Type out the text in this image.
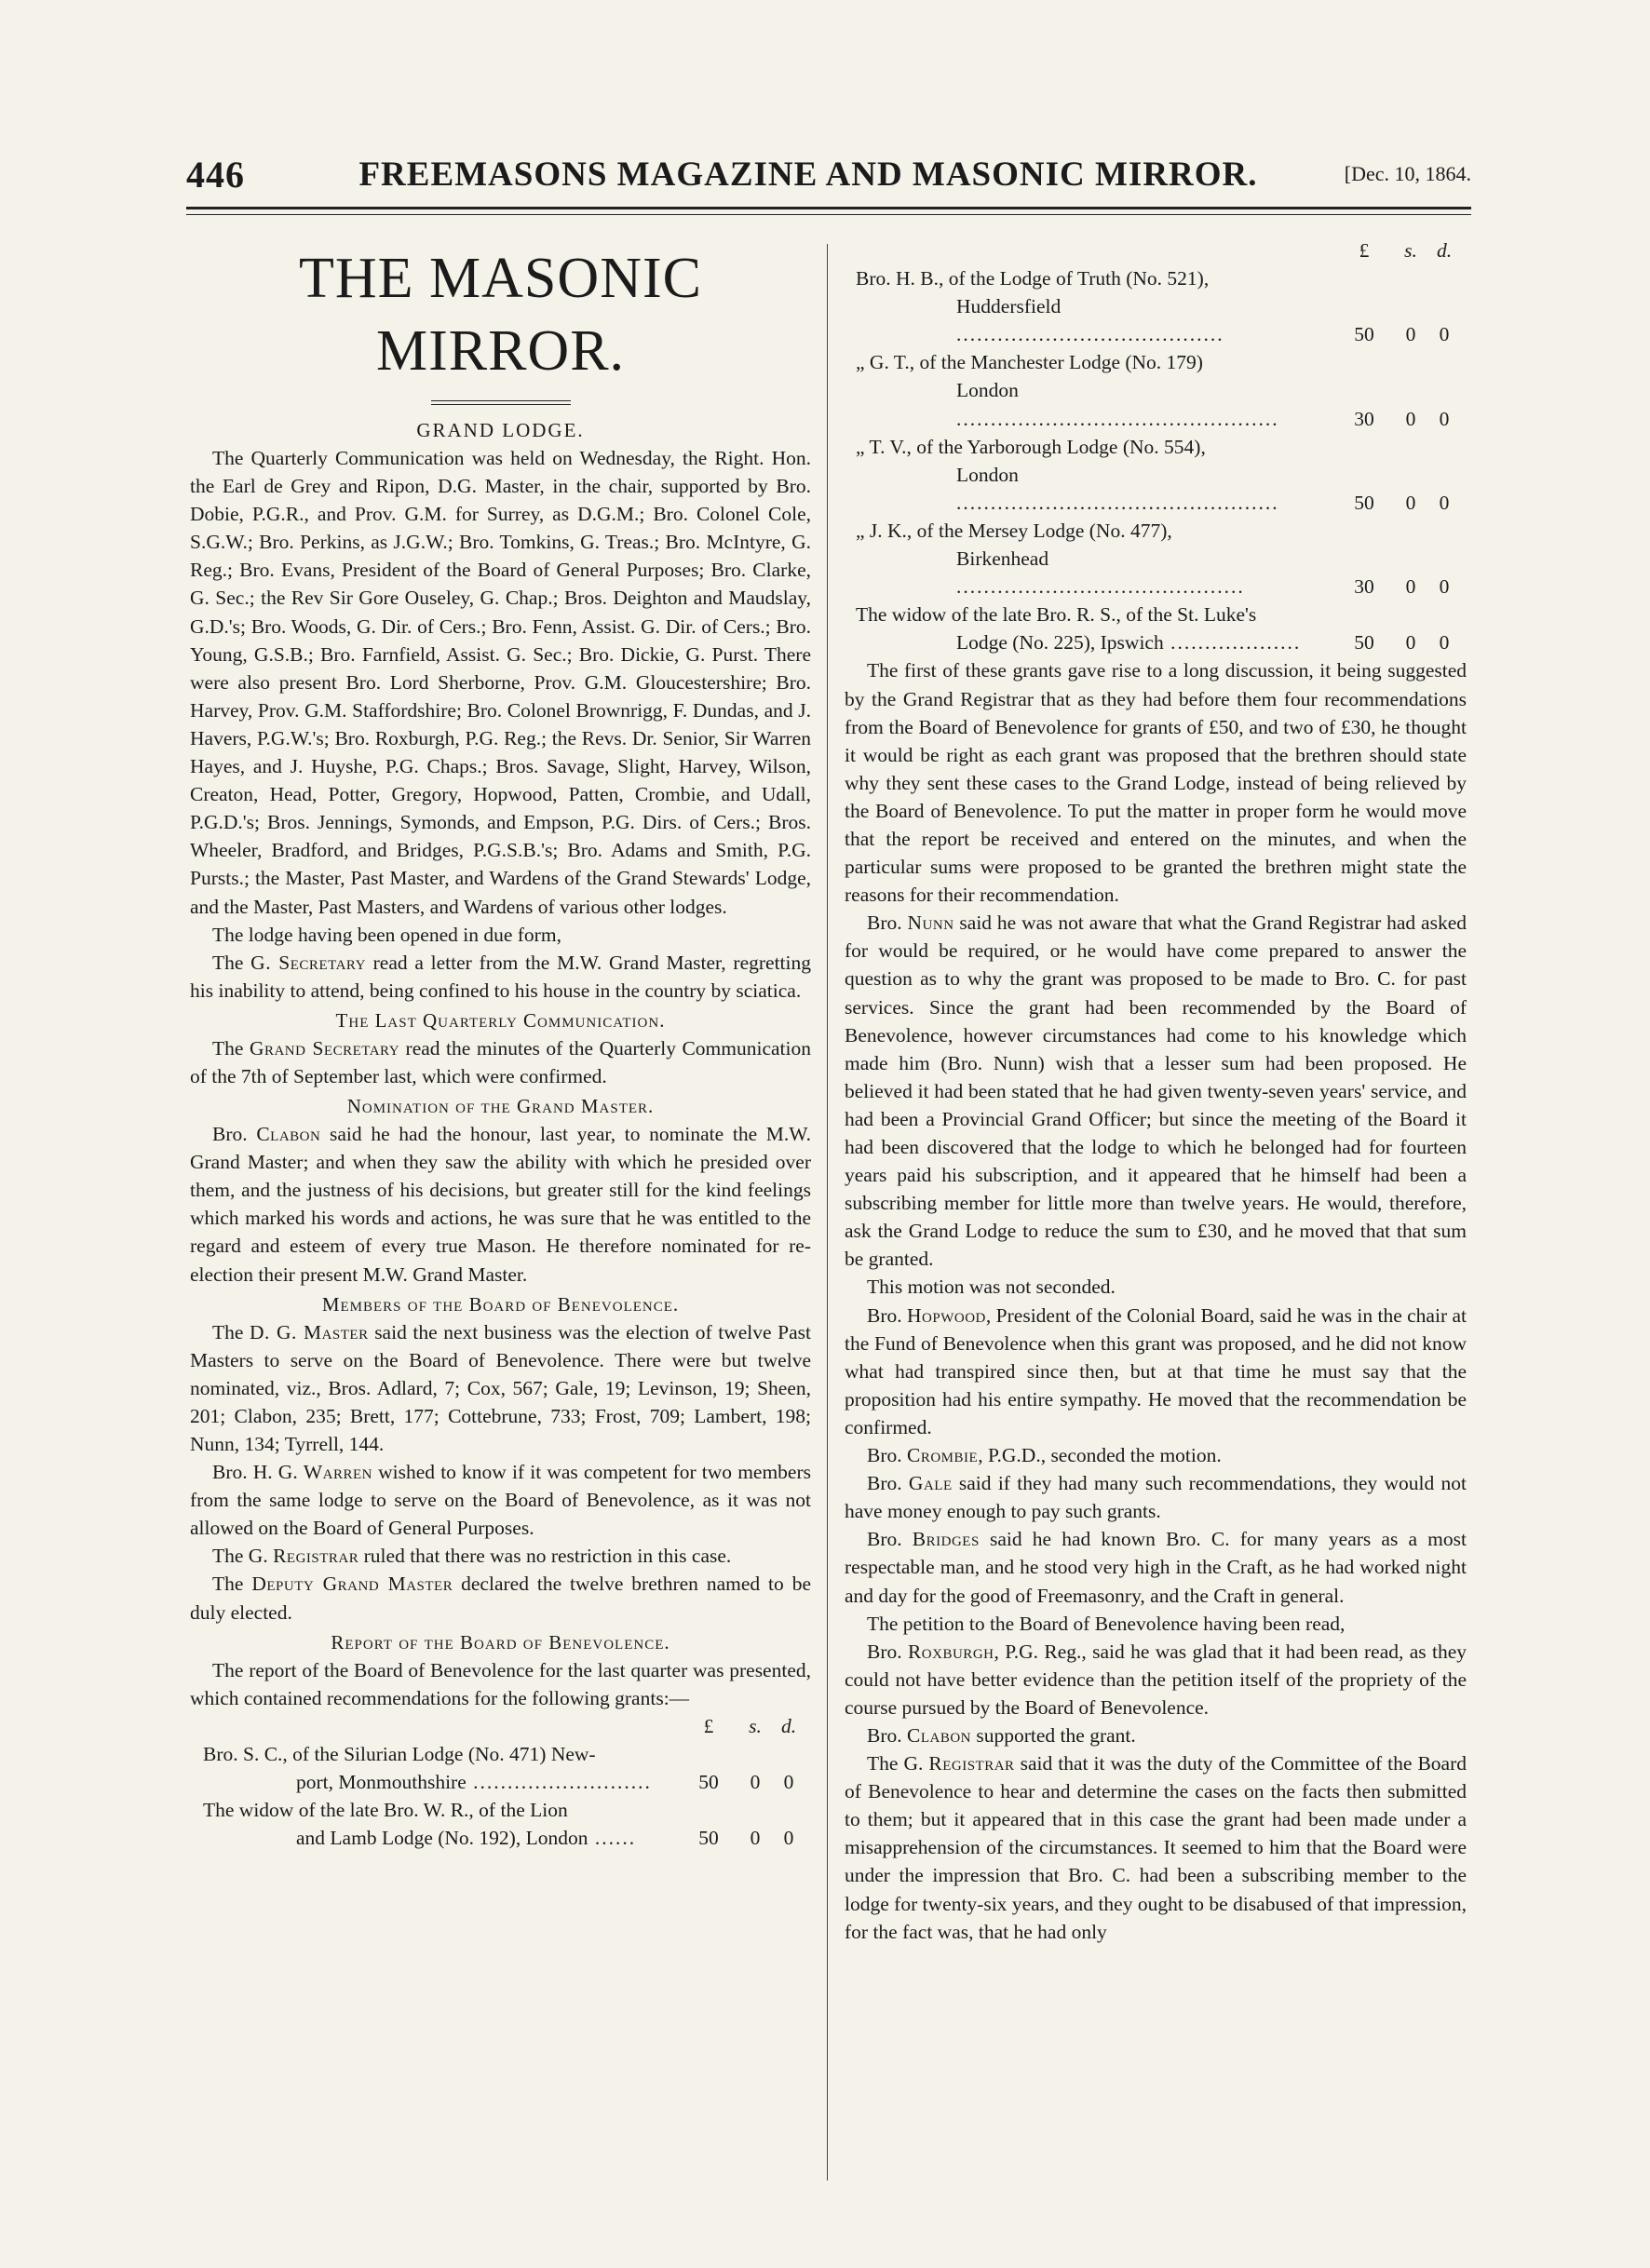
446	FREEMASONS MAGAZINE AND MASONIC MIRROR.	[Dec. 10, 1864.
THE MASONIC MIRROR.
GRAND LODGE.

The Quarterly Communication was held on Wednesday, the Right. Hon. the Earl de Grey and Ripon, D.G. Master, in the chair, supported by Bro. Dobie, P.G.R., and Prov. G.M. for Surrey, as D.G.M.; Bro. Colonel Cole, S.G.W.; Bro. Perkins, as J.G.W.; Bro. Tomkins, G. Treas.; Bro. McIntyre, G. Reg.; Bro. Evans, President of the Board of General Purposes; Bro. Clarke, G. Sec.; the Rev Sir Gore Ouseley, G. Chap.; Bros. Deighton and Maudslay, G.D.'s; Bro. Woods, G. Dir. of Cers.; Bro. Fenn, Assist. G. Dir. of Cers.; Bro. Young, G.S.B.; Bro. Farnfield, Assist. G. Sec.; Bro. Dickie, G. Purst. There were also present Bro. Lord Sherborne, Prov. G.M. Gloucestershire; Bro. Harvey, Prov. G.M. Staffordshire; Bro. Colonel Brownrigg, F. Dundas, and J. Havers, P.G.W.'s; Bro. Roxburgh, P.G. Reg.; the Revs. Dr. Senior, Sir Warren Hayes, and J. Huyshe, P.G. Chaps.; Bros. Savage, Slight, Harvey, Wilson, Creaton, Head, Potter, Gregory, Hopwood, Patten, Crombie, and Udall, P.G.D.'s; Bros. Jennings, Symonds, and Empson, P.G. Dirs. of Cers.; Bros. Wheeler, Bradford, and Bridges, P.G.S.B.'s; Bro. Adams and Smith, P.G. Pursts.; the Master, Past Master, and Wardens of the Grand Stewards' Lodge, and the Master, Past Masters, and Wardens of various other lodges.

The lodge having been opened in due form,

The G. Secretary read a letter from the M.W. Grand Master, regretting his inability to attend, being confined to his house in the country by sciatica.

The Last Quarterly Communication.

The Grand Secretary read the minutes of the Quarterly Communication of the 7th of September last, which were confirmed.

Nomination of the Grand Master.

Bro. Clabon said he had the honour, last year, to nominate the M.W. Grand Master; and when they saw the ability with which he presided over them, and the justness of his decisions, but greater still for the kind feelings which marked his words and actions, he was sure that he was entitled to the regard and esteem of every true Mason. He therefore nominated for re-election their present M.W. Grand Master.

Members of the Board of Benevolence.

The D. G. Master said the next business was the election of twelve Past Masters to serve on the Board of Benevolence. There were but twelve nominated, viz., Bros. Adlard, 7; Cox, 567; Gale, 19; Levinson, 19; Sheen, 201; Clabon, 235; Brett, 177; Cottebrune, 733; Frost, 709; Lambert, 198; Nunn, 134; Tyrrell, 144.

Bro. H. G. Warren wished to know if it was competent for two members from the same lodge to serve on the Board of Benevolence, as it was not allowed on the Board of General Purposes.

The G. Registrar ruled that there was no restriction in this case.

The Deputy Grand Master declared the twelve brethren named to be duly elected.

Report of the Board of Benevolence.

The report of the Board of Benevolence for the last quarter was presented, which contained recommendations for the following grants:—

£	s. d.
Bro. S. C., of the Silurian Lodge (No. 471) New-
port, Monmouthshire ..........................	50	0	0
The widow of the late Bro. W. R., of the Lion
and Lamb Lodge (No. 192), London ......	50	0	0
£	s. d.
Bro. H. B., of the Lodge of Truth (No. 521),
Huddersfield .......................................	50	0	0
„ G. T., of the Manchester Lodge (No. 179)
London ...............................................	30	0	0
„ T. V., of the Yarborough Lodge (No. 554),
London ...............................................	50	0	0
„ J. K., of the Mersey Lodge (No. 477),
Birkenhead ..........................................	30	0	0
The widow of the late Bro. R. S., of the St. Luke's
Lodge (No. 225), Ipswich ...................	50	0	0

The first of these grants gave rise to a long discussion, it being suggested by the Grand Registrar that as they had before them four recommendations from the Board of Benevolence for grants of £50, and two of £30, he thought it would be right as each grant was proposed that the brethren should state why they sent these cases to the Grand Lodge, instead of being relieved by the Board of Benevolence. To put the matter in proper form he would move that the report be received and entered on the minutes, and when the particular sums were proposed to be granted the brethren might state the reasons for their recommendation.

Bro. Nunn said he was not aware that what the Grand Registrar had asked for would be required, or he would have come prepared to answer the question as to why the grant was proposed to be made to Bro. C. for past services. Since the grant had been recommended by the Board of Benevolence, however circumstances had come to his knowledge which made him (Bro. Nunn) wish that a lesser sum had been proposed. He believed it had been stated that he had given twenty-seven years' service, and had been a Provincial Grand Officer; but since the meeting of the Board it had been discovered that the lodge to which he belonged had for fourteen years paid his subscription, and it appeared that he himself had been a subscribing member for little more than twelve years. He would, therefore, ask the Grand Lodge to reduce the sum to £30, and he moved that that sum be granted.

This motion was not seconded.

Bro. Hopwood, President of the Colonial Board, said he was in the chair at the Fund of Benevolence when this grant was proposed, and he did not know what had transpired since then, but at that time he must say that the proposition had his entire sympathy. He moved that the recommendation be confirmed.

Bro. Crombie, P.G.D., seconded the motion.

Bro. Gale said if they had many such recommendations, they would not have money enough to pay such grants.

Bro. Bridges said he had known Bro. C. for many years as a most respectable man, and he stood very high in the Craft, as he had worked night and day for the good of Freemasonry, and the Craft in general.

The petition to the Board of Benevolence having been read,

Bro. Roxburgh, P.G. Reg., said he was glad that it had been read, as they could not have better evidence than the petition itself of the propriety of the course pursued by the Board of Benevolence.

Bro. Clabon supported the grant.

The G. Registrar said that it was the duty of the Committee of the Board of Benevolence to hear and determine the cases on the facts then submitted to them; but it appeared that in this case the grant had been made under a misapprehension of the circumstances. It seemed to him that the Board were under the impression that Bro. C. had been a subscribing member to the lodge for twenty-six years, and they ought to be disabused of that impression, for the fact was, that he had only
